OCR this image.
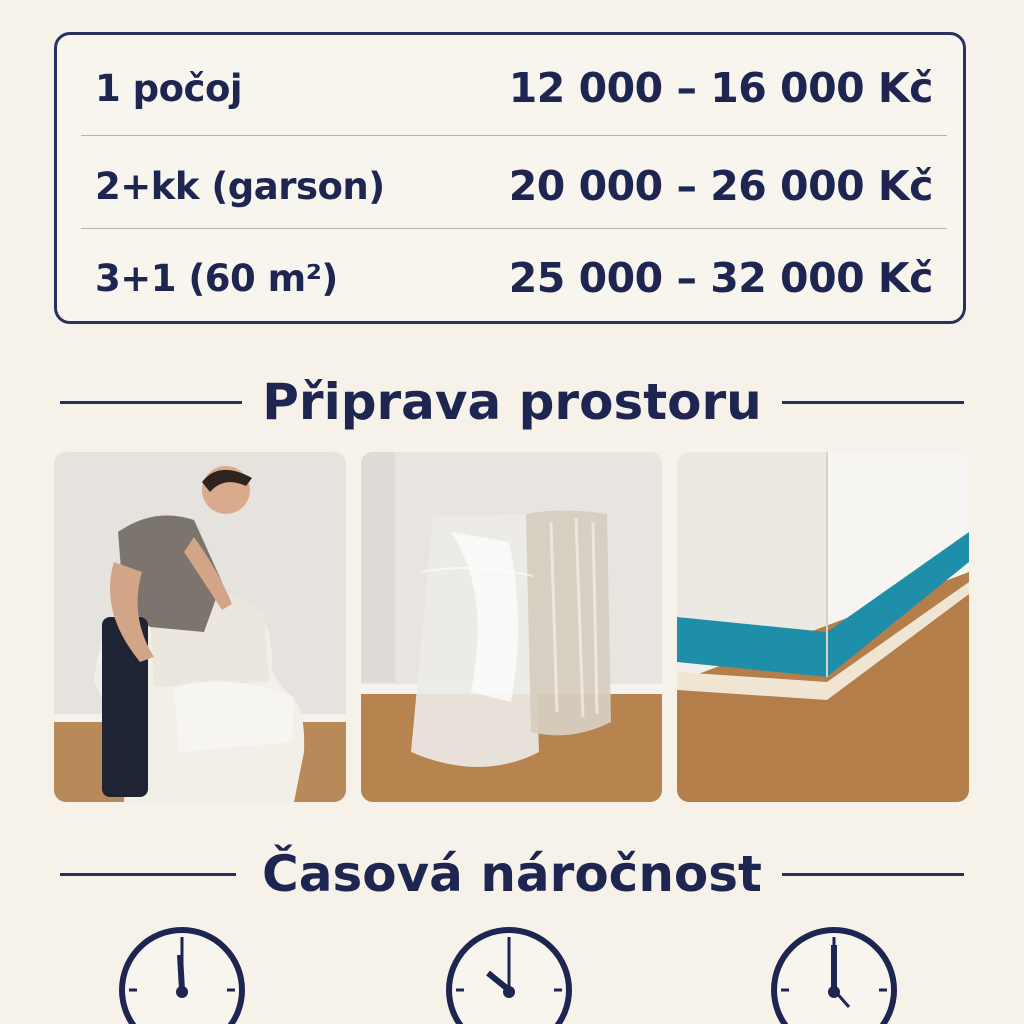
1 počoj	12 000 – 16 000 Kč
2+kk (garson)	20 000 – 26 000 Kč
3+1 (60 m²)	25 000 – 32 000 Kč
Připrava prostoru
Časová náročnost
